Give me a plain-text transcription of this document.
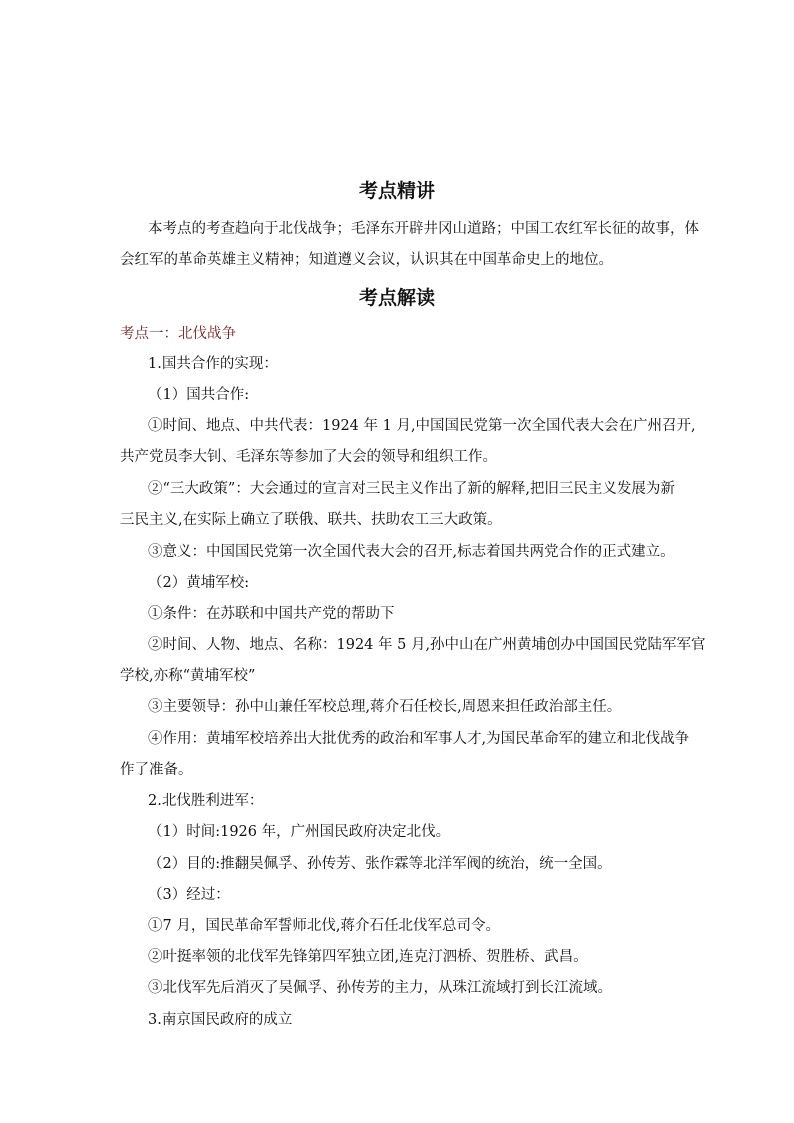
考点精讲
本考点的考查趋向于北伐战争；毛泽东开辟井冈山道路；中国工农红军长征的故事，体
会红军的革命英雄主义精神；知道遵义会议，认识其在中国革命史上的地位。
考点解读
考点一：北伐战争
1.国共合作的实现：
（1）国共合作:
①时间、地点、中共代表：1924 年 1 月,中国国民党第一次全国代表大会在广州召开,
共产党员李大钊、毛泽东等参加了大会的领导和组织工作。
②“三大政策”：大会通过的宣言对三民主义作出了新的解释,把旧三民主义发展为新
三民主义,在实际上确立了联俄、联共、扶助农工三大政策。
③意义：中国国民党第一次全国代表大会的召开,标志着国共两党合作的正式建立。
（2）黄埔军校:
①条件：在苏联和中国共产党的帮助下
②时间、人物、地点、名称：1924 年 5 月,孙中山在广州黄埔创办中国国民党陆军军官
学校,亦称“黄埔军校”
③主要领导：孙中山兼任军校总理,蒋介石任校长,周恩来担任政治部主任。
④作用：黄埔军校培养出大批优秀的政治和军事人才,为国民革命军的建立和北伐战争
作了准备。
2.北伐胜利进军：
（1）时间:1926 年，广州国民政府决定北伐。
（2）目的:推翻吴佩孚、孙传芳、张作霖等北洋军阀的统治，统一全国。
（3）经过：
①7 月，国民革命军誓师北伐,蒋介石任北伐军总司令。
②叶挺率领的北伐军先锋第四军独立团,连克汀泗桥、贺胜桥、武昌。
③北伐军先后消灭了吴佩孚、孙传芳的主力，从珠江流域打到长江流域。
3.南京国民政府的成立
